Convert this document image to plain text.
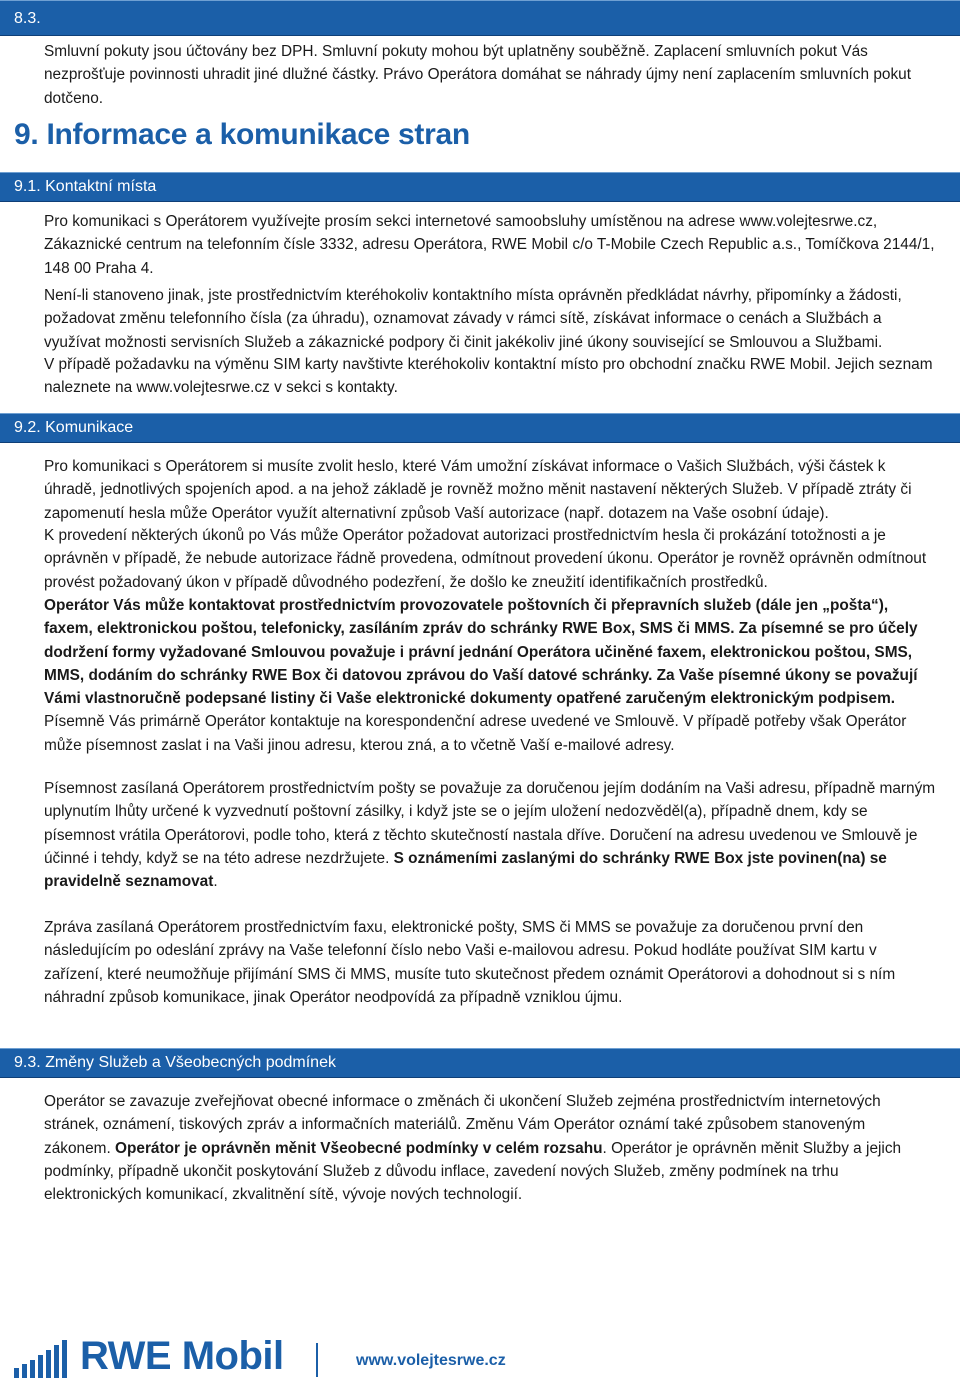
8.3.

Smluvní pokuty jsou účtovány bez DPH. Smluvní pokuty mohou být uplatněny souběžně. Zaplacení smluvních pokut Vás nezprošťuje povinnosti uhradit jiné dlužné částky. Právo Operátora domáhat se náhrady újmy není zaplacením smluvních pokut dotčeno.

9. Informace a komunikace stran
9.1. Kontaktní místa

Pro komunikaci s Operátorem využívejte prosím sekci internetové samoobsluhy umístěnou na adrese www.volejtesrwe.cz, Zákaznické centrum na telefonním čísle 3332, adresu Operátora, RWE Mobil c/o T-Mobile Czech Republic a.s., Tomíčkova 2144/1, 148 00 Praha 4.

Není-li stanoveno jinak, jste prostřednictvím kteréhokoliv kontaktního místa oprávněn předkládat návrhy, připomínky a žádosti, požadovat změnu telefonního čísla (za úhradu), oznamovat závady v rámci sítě, získávat informace o cenách a Službách a využívat možnosti servisních Služeb a zákaznické podpory či činit jakékoliv jiné úkony související se Smlouvou a Službami.

V případě požadavku na výměnu SIM karty navštivte kteréhokoliv kontaktní místo pro obchodní značku RWE Mobil. Jejich seznam naleznete na www.volejtesrwe.cz v sekci s kontakty.

9.2. Komunikace

Pro komunikaci s Operátorem si musíte zvolit heslo, které Vám umožní získávat informace o Vašich Službách, výši částek k úhradě, jednotlivých spojeních apod. a na jehož základě je rovněž možno měnit nastavení některých Služeb. V případě ztráty či zapomenutí hesla může Operátor využít alternativní způsob Vaší autorizace (např. dotazem na Vaše osobní údaje).

K provedení některých úkonů po Vás může Operátor požadovat autorizaci prostřednictvím hesla či prokázání totožnosti a je oprávněn v případě, že nebude autorizace řádně provedena, odmítnout provedení úkonu. Operátor je rovněž oprávněn odmítnout provést požadovaný úkon v případě důvodného podezření, že došlo ke zneužití identifikačních prostředků.

Operátor Vás může kontaktovat prostřednictvím provozovatele poštovních či přepravních služeb (dále jen „pošta“), faxem, elektronickou poštou, telefonicky, zasíláním zpráv do schránky RWE Box, SMS či MMS. Za písemné se pro účely dodržení formy vyžadované Smlouvou považuje i právní jednání Operátora učiněné faxem, elektronickou poštou, SMS, MMS, dodáním do schránky RWE Box či datovou zprávou do Vaší datové schránky. Za Vaše písemné úkony se považují Vámi vlastnoručně podepsané listiny či Vaše elektronické dokumenty opatřené zaručeným elektronickým podpisem. Písemně Vás primárně Operátor kontaktuje na korespondenční adrese uvedené ve Smlouvě. V případě potřeby však Operátor může písemnost zaslat i na Vaši jinou adresu, kterou zná, a to včetně Vaší e-mailové adresy.

Písemnost zasílaná Operátorem prostřednictvím pošty se považuje za doručenou jejím dodáním na Vaši adresu, případně marným uplynutím lhůty určené k vyzvednutí poštovní zásilky, i když jste se o jejím uložení nedozvěděl(a), případně dnem, kdy se písemnost vrátila Operátorovi, podle toho, která z těchto skutečností nastala dříve. Doručení na adresu uvedenou ve Smlouvě je účinné i tehdy, když se na této adrese nezdržujete. S oznámeními zaslanými do schránky RWE Box jste povinen(na) se pravidelně seznamovat.

Zpráva zasílaná Operátorem prostřednictvím faxu, elektronické pošty, SMS či MMS se považuje za doručenou první den následujícím po odeslání zprávy na Vaše telefonní číslo nebo Vaši e-mailovou adresu. Pokud hodláte používat SIM kartu v zařízení, které neumožňuje přijímání SMS či MMS, musíte tuto skutečnost předem oznámit Operátorovi a dohodnout si s ním náhradní způsob komunikace, jinak Operátor neodpovídá za případně vzniklou újmu.

9.3. Změny Služeb a Všeobecných podmínek

Operátor se zavazuje zveřejňovat obecné informace o změnách či ukončení Služeb zejména prostřednictvím internetových stránek, oznámení, tiskových zpráv a informačních materiálů. Změnu Vám Operátor oznámí také způsobem stanoveným zákonem. Operátor je oprávněn měnit Všeobecné podmínky v celém rozsahu. Operátor je oprávněn měnit Služby a jejich podmínky, případně ukončit poskytování Služeb z důvodu inflace, zavedení nových Služeb, změny podmínek na trhu elektronických komunikací, zkvalitnění sítě, vývoje nových technologií.

RWE Mobil	www.volejtesrwe.cz
